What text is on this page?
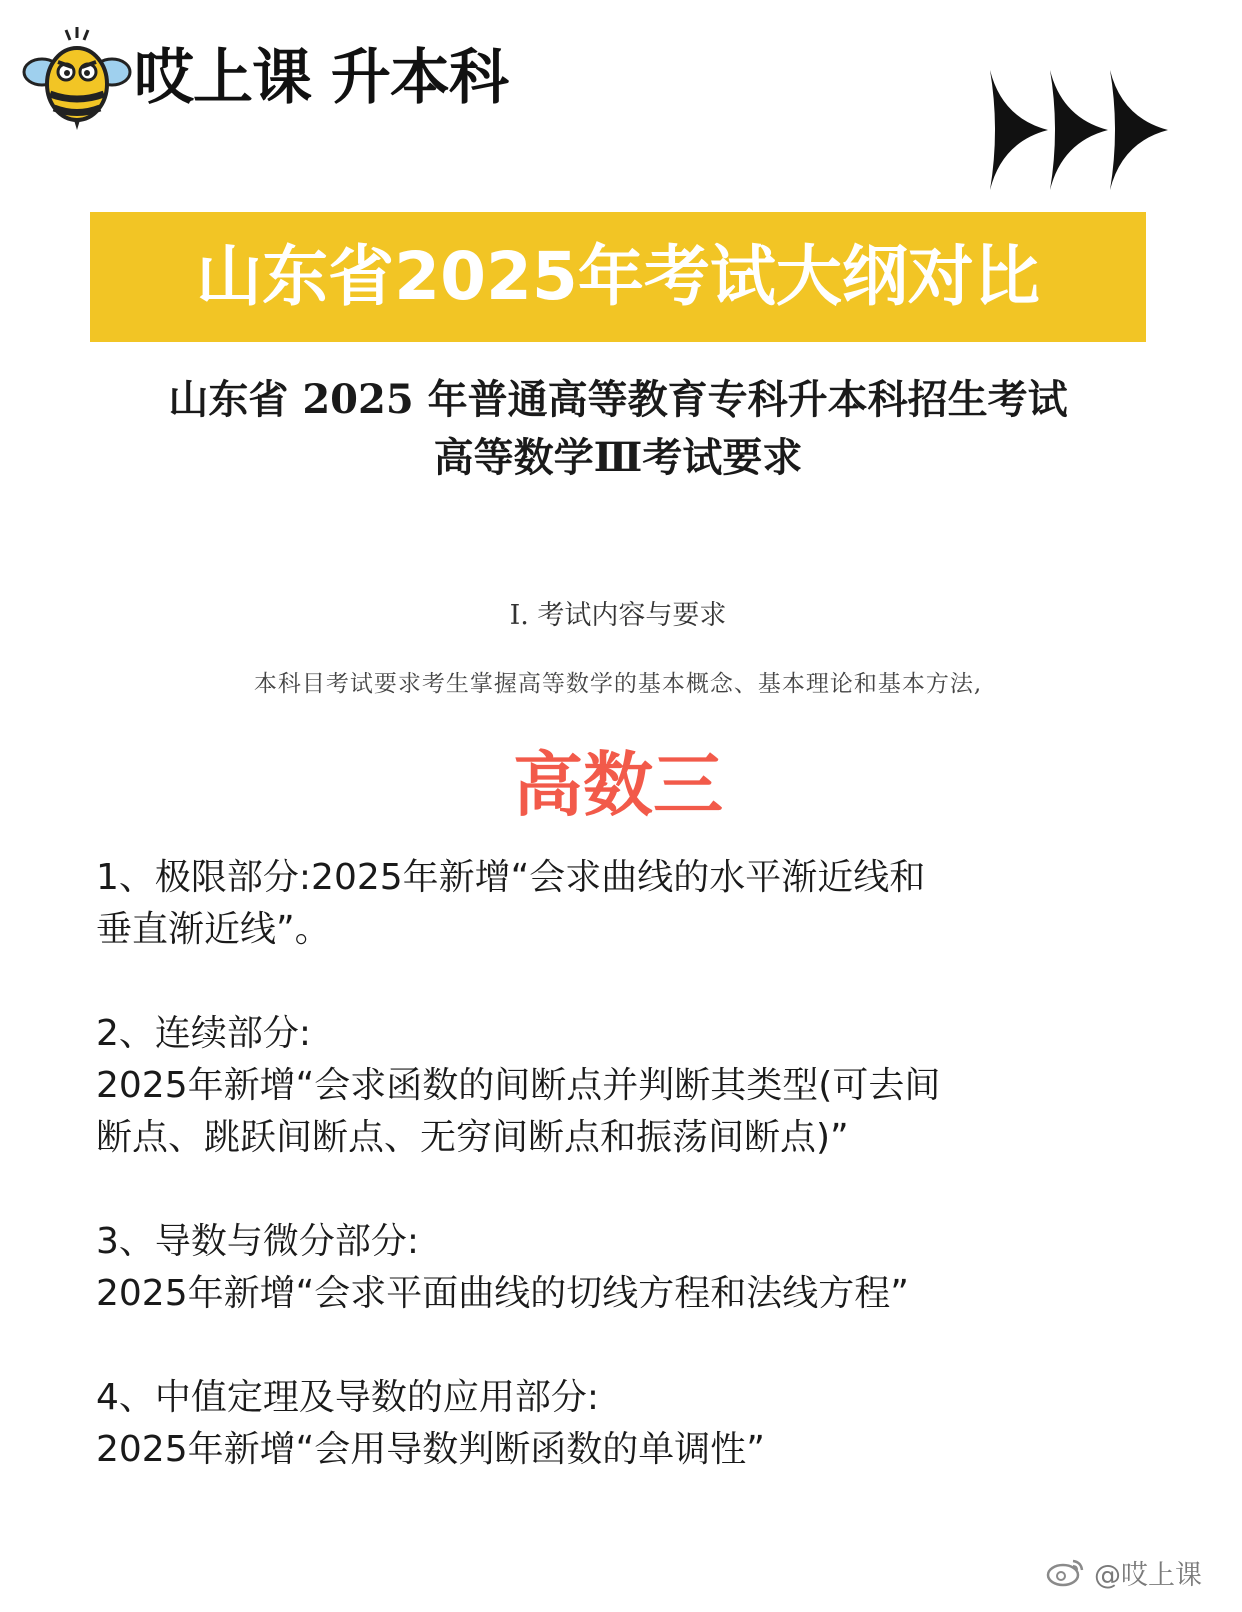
哎上课 升本科
山东省2025年考试大纲对比
山东省 2025 年普通高等教育专科升本科招生考试
高等数学Ⅲ考试要求
Ⅰ. 考试内容与要求
本科目考试要求考生掌握高等数学的基本概念、基本理论和基本方法,
高数三
1、极限部分:2025年新增“会求曲线的水平渐近线和
垂直渐近线”。
2、连续部分:
2025年新增“会求函数的间断点并判断其类型(可去间
断点、跳跃间断点、无穷间断点和振荡间断点)”
3、导数与微分部分:
2025年新增“会求平面曲线的切线方程和法线方程”
4、中值定理及导数的应用部分:
2025年新增“会用导数判断函数的单调性”
@哎上课
